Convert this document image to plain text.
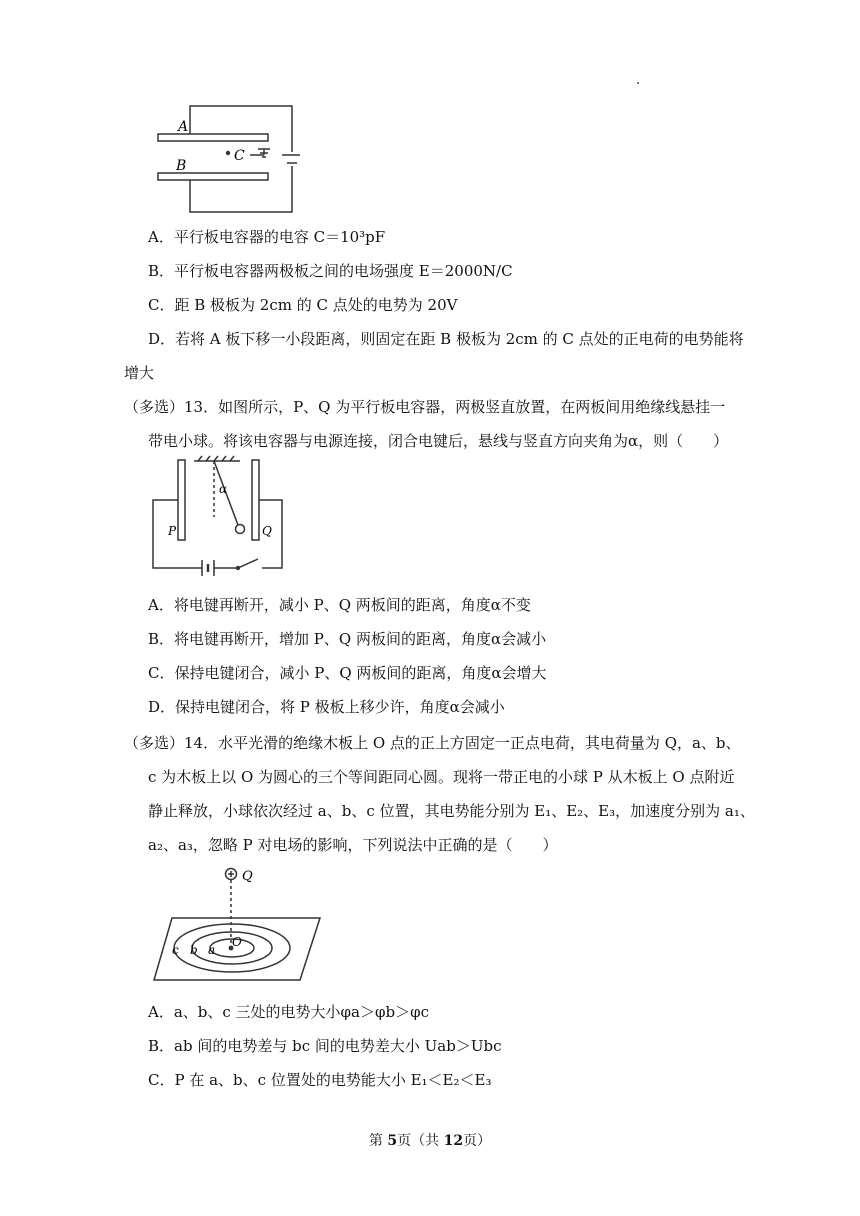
A
B
C
A．平行板电容器的电容 C＝10³pF
B．平行板电容器两极板之间的电场强度 E＝2000N/C
C．距 B 极板为 2cm 的 C 点处的电势为 20V
D．若将 A 板下移一小段距离，则固定在距 B 极板为 2cm 的 C 点处的正电荷的电势能将
增大
（多选）13．如图所示，P、Q 为平行板电容器，两极竖直放置，在两板间用绝缘线悬挂一
带电小球。将该电容器与电源连接，闭合电键后，悬线与竖直方向夹角为α，则（　　）
P	Q
α
A．将电键再断开，减小 P、Q 两板间的距离，角度α不变
B．将电键再断开，增加 P、Q 两板间的距离，角度α会减小
C．保持电键闭合，减小 P、Q 两板间的距离，角度α会增大
D．保持电键闭合，将 P 极板上移少许，角度α会减小
（多选）14．水平光滑的绝缘木板上 O 点的正上方固定一正点电荷，其电荷量为 Q，a、b、
c 为木板上以 O 为圆心的三个等间距同心圆。现将一带正电的小球 P 从木板上 O 点附近
静止释放，小球依次经过 a、b、c 位置，其电势能分别为 E₁、E₂、E₃，加速度分别为 a₁、
a₂、a₃，忽略 P 对电场的影响，下列说法中正确的是（　　）
Q
c b a
O
A．a、b、c 三处的电势大小φa＞φb＞φc
B．ab 间的电势差与 bc 间的电势差大小 Uab＞Ubc
C．P 在 a、b、c 位置处的电势能大小 E₁＜E₂＜E₃
第 5页（共 12页）
